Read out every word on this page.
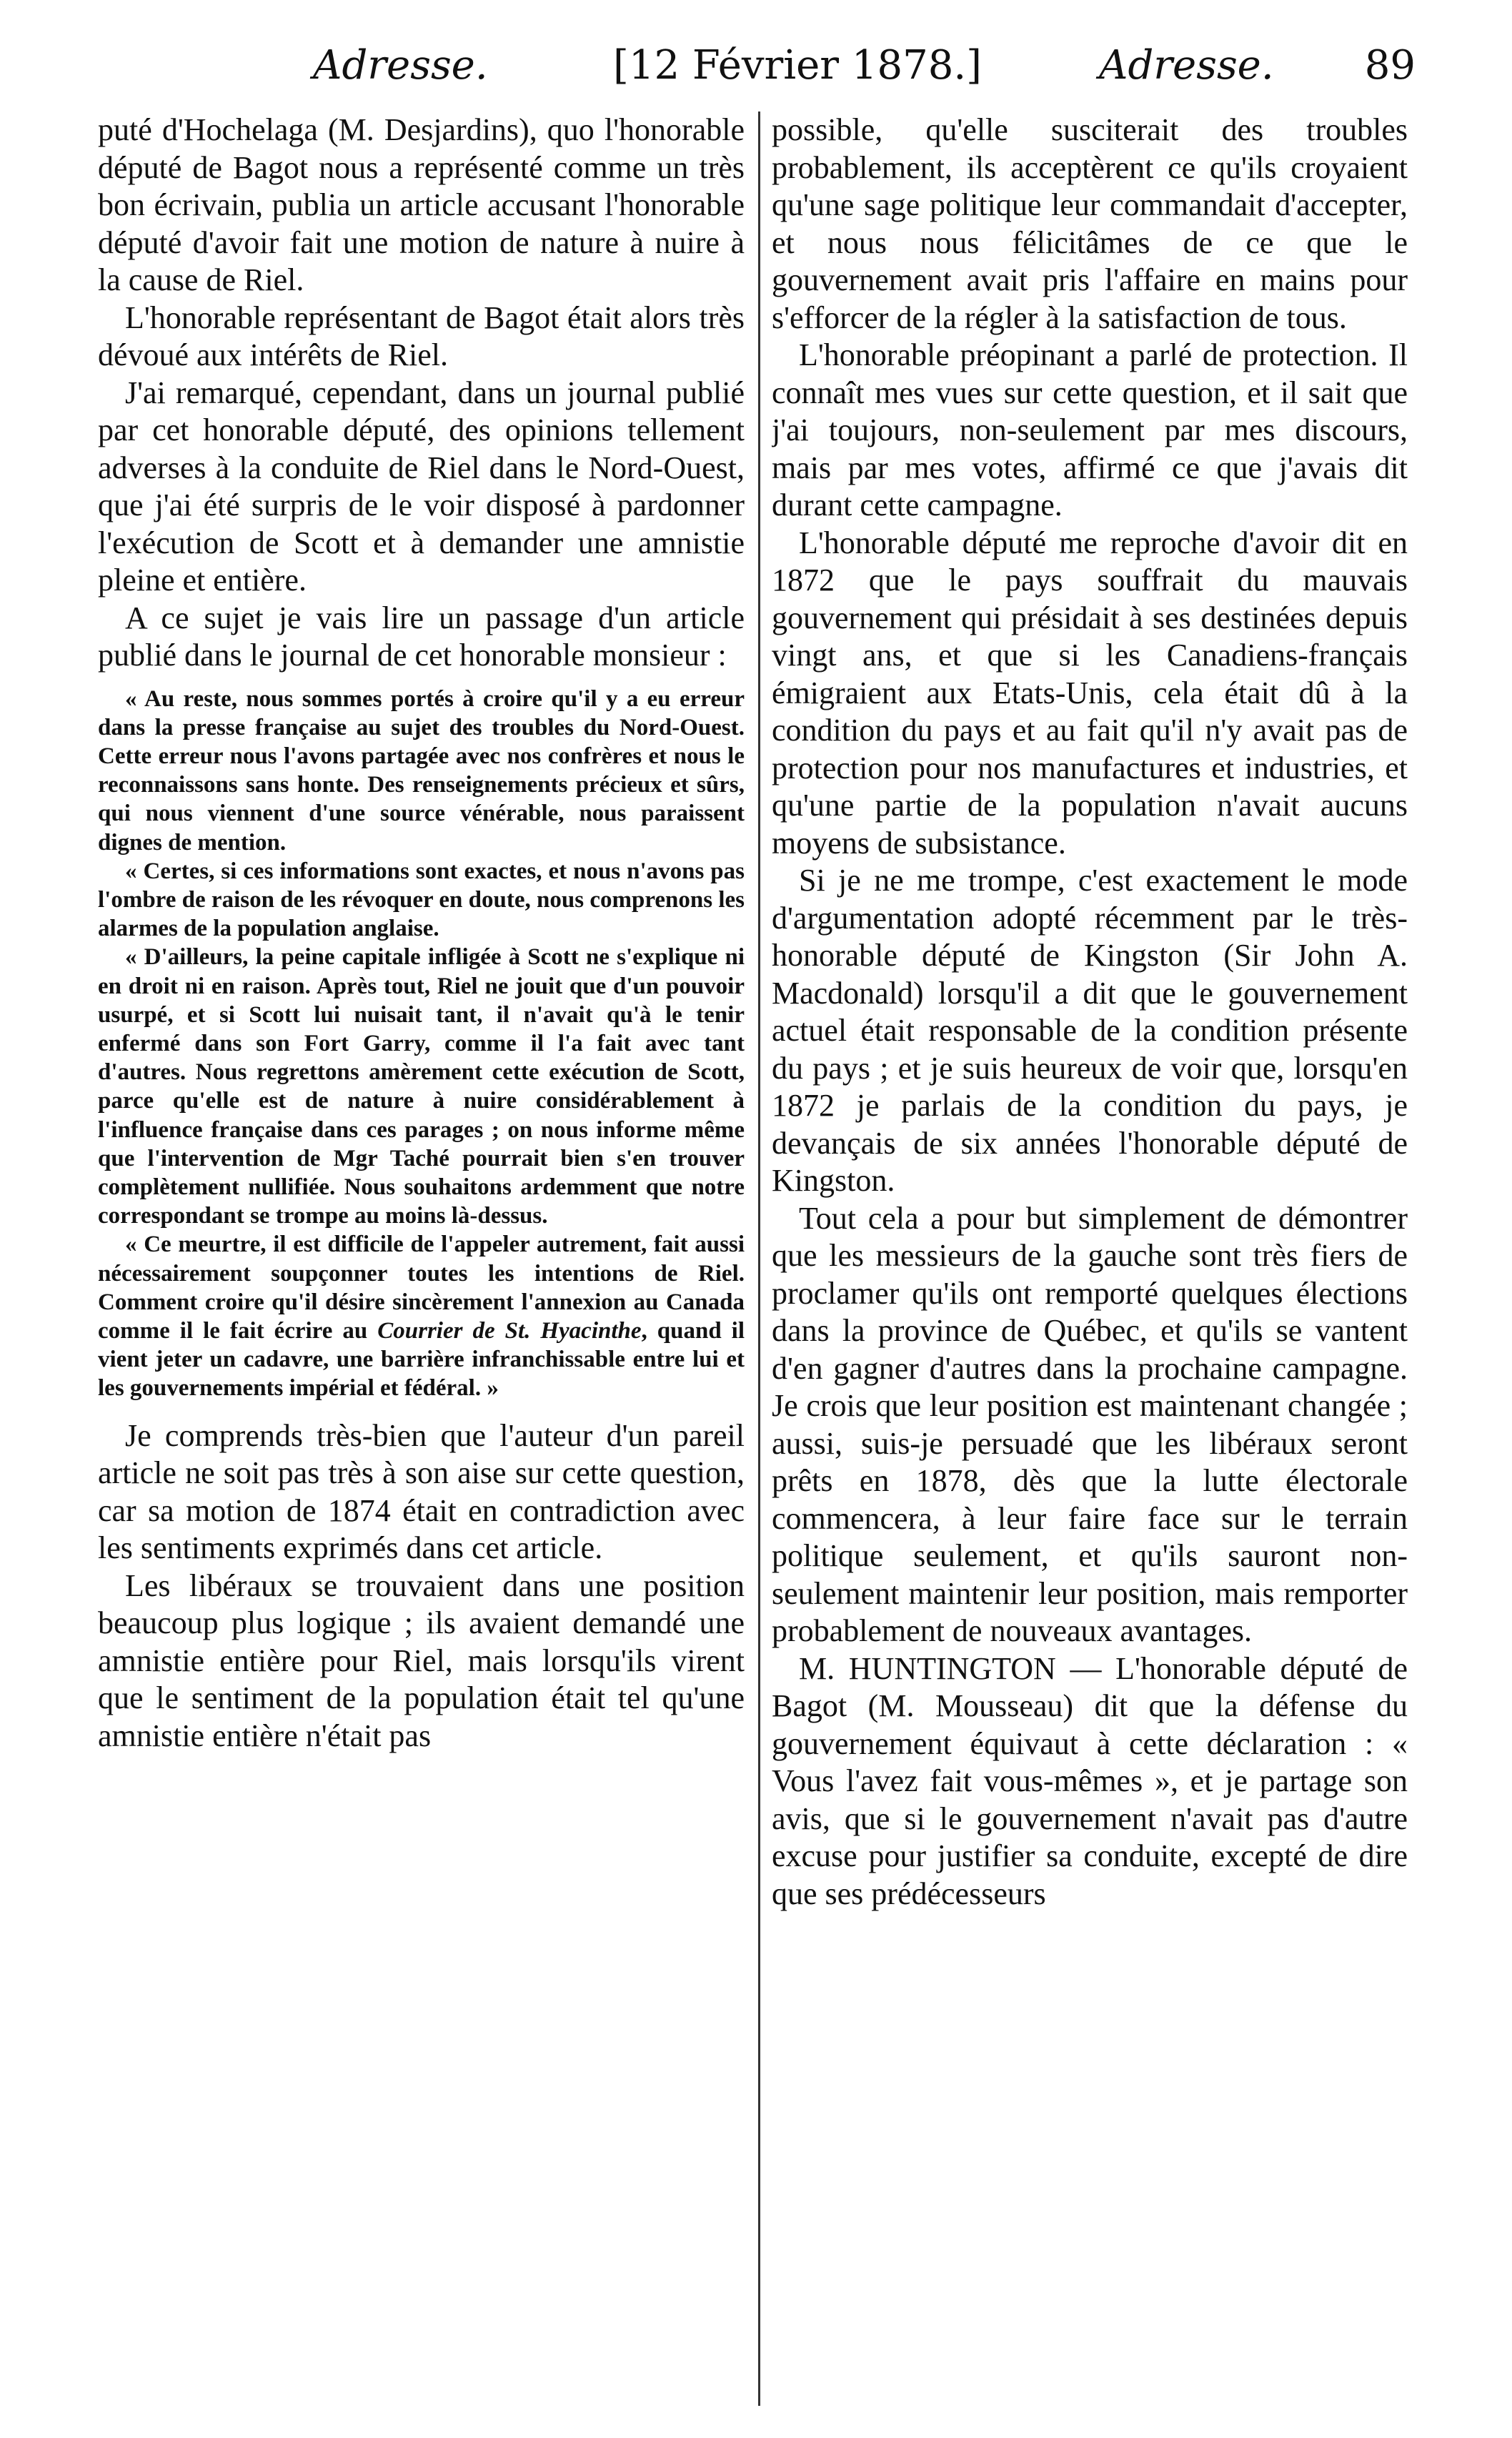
Adresse.	[12 Février 1878.]	Adresse. 89

puté d'Hochelaga (M. Desjardins), quo l'honorable député de Bagot nous a représenté comme un très bon écrivain, publia un article accusant l'honorable député d'avoir fait une motion de nature à nuire à la cause de Riel.

L'honorable représentant de Bagot était alors très dévoué aux intérêts de Riel.

J'ai remarqué, cependant, dans un journal publié par cet honorable député, des opinions tellement adverses à la conduite de Riel dans le Nord-Ouest, que j'ai été surpris de le voir disposé à pardonner l'exécution de Scott et à demander une amnistie pleine et entière.

A ce sujet je vais lire un passage d'un article publié dans le journal de cet honorable monsieur :

« Au reste, nous sommes portés à croire qu'il y a eu erreur dans la presse française au sujet des troubles du Nord-Ouest. Cette erreur nous l'avons partagée avec nos confrères et nous le reconnaissons sans honte. Des renseignements précieux et sûrs, qui nous viennent d'une source vénérable, nous paraissent dignes de mention.

« Certes, si ces informations sont exactes, et nous n'avons pas l'ombre de raison de les révoquer en doute, nous comprenons les alarmes de la population anglaise.

« D'ailleurs, la peine capitale infligée à Scott ne s'explique ni en droit ni en raison. Après tout, Riel ne jouit que d'un pouvoir usurpé, et si Scott lui nuisait tant, il n'avait qu'à le tenir enfermé dans son Fort Garry, comme il l'a fait avec tant d'autres. Nous regrettons amèrement cette exécution de Scott, parce qu'elle est de nature à nuire considérablement à l'influence française dans ces parages ; on nous informe même que l'intervention de Mgr Taché pourrait bien s'en trouver complètement nullifiée. Nous souhaitons ardemment que notre correspondant se trompe au moins là-dessus.

« Ce meurtre, il est difficile de l'appeler autrement, fait aussi nécessairement soupçonner toutes les intentions de Riel. Comment croire qu'il désire sincèrement l'annexion au Canada comme il le fait écrire au Courrier de St. Hyacinthe, quand il vient jeter un cadavre, une barrière infranchissable entre lui et les gouvernements impérial et fédéral. »

Je comprends très-bien que l'auteur d'un pareil article ne soit pas très à son aise sur cette question, car sa motion de 1874 était en contradiction avec les sentiments exprimés dans cet article.

Les libéraux se trouvaient dans une position beaucoup plus logique ; ils avaient demandé une amnistie entière pour Riel, mais lorsqu'ils virent que le sentiment de la population était tel qu'une amnistie entière n'était pas

possible, qu'elle susciterait des troubles probablement, ils acceptèrent ce qu'ils croyaient qu'une sage politique leur commandait d'accepter, et nous nous félicitâmes de ce que le gouvernement avait pris l'affaire en mains pour s'efforcer de la régler à la satisfaction de tous.

L'honorable préopinant a parlé de protection. Il connaît mes vues sur cette question, et il sait que j'ai toujours, non-seulement par mes discours, mais par mes votes, affirmé ce que j'avais dit durant cette campagne.

L'honorable député me reproche d'avoir dit en 1872 que le pays souffrait du mauvais gouvernement qui présidait à ses destinées depuis vingt ans, et que si les Canadiens-français émigraient aux Etats-Unis, cela était dû à la condition du pays et au fait qu'il n'y avait pas de protection pour nos manufactures et industries, et qu'une partie de la population n'avait aucuns moyens de subsistance.

Si je ne me trompe, c'est exactement le mode d'argumentation adopté récemment par le très-honorable député de Kingston (Sir John A. Macdonald) lorsqu'il a dit que le gouvernement actuel était responsable de la condition présente du pays ; et je suis heureux de voir que, lorsqu'en 1872 je parlais de la condition du pays, je devançais de six années l'honorable député de Kingston.

Tout cela a pour but simplement de démontrer que les messieurs de la gauche sont très fiers de proclamer qu'ils ont remporté quelques élections dans la province de Québec, et qu'ils se vantent d'en gagner d'autres dans la prochaine campagne. Je crois que leur position est maintenant changée ; aussi, suis-je persuadé que les libéraux seront prêts en 1878, dès que la lutte électorale commencera, à leur faire face sur le terrain politique seulement, et qu'ils sauront non-seulement maintenir leur position, mais remporter probablement de nouveaux avantages.

M. HUNTINGTON — L'honorable député de Bagot (M. Mousseau) dit que la défense du gouvernement équivaut à cette déclaration : « Vous l'avez fait vous-mêmes », et je partage son avis, que si le gouvernement n'avait pas d'autre excuse pour justifier sa conduite, excepté de dire que ses prédécesseurs
